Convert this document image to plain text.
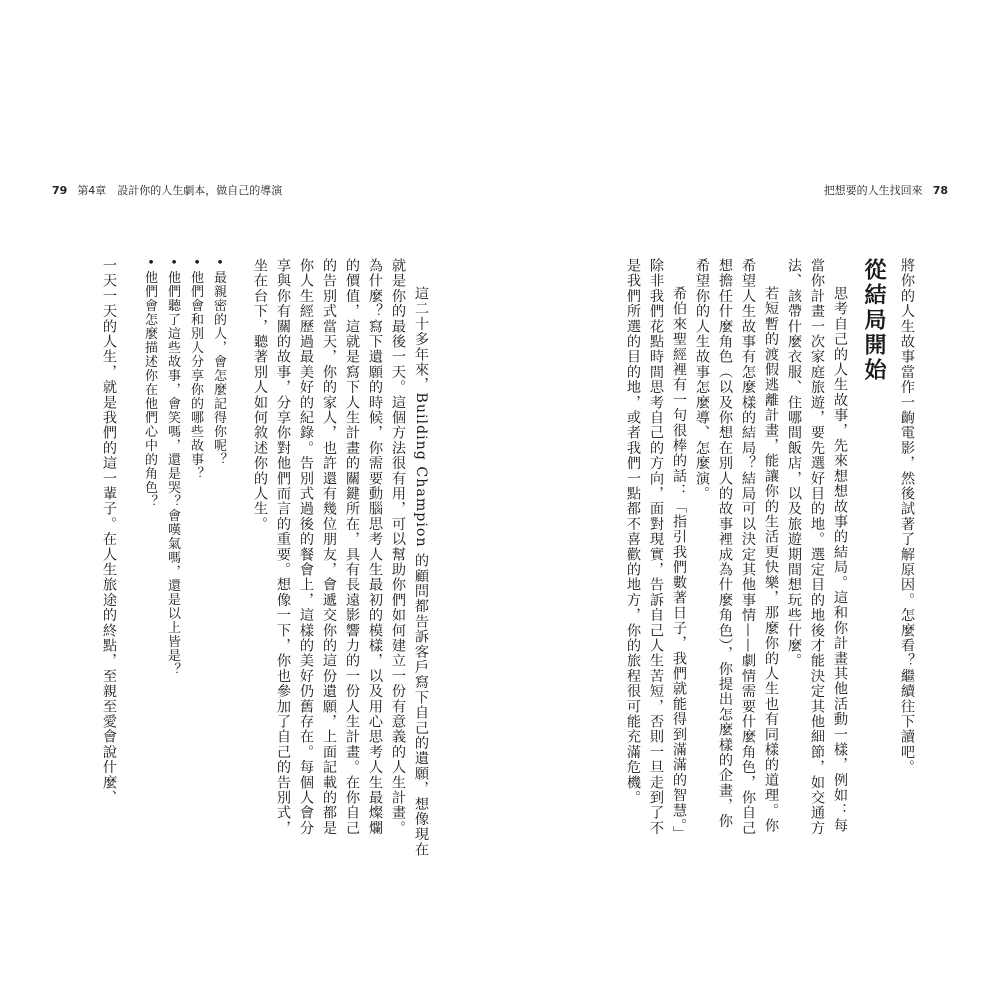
79 第4章　設計你的人生劇本，做自己的導演	把想要的人生找回來 78

將你的人生故事當作一齣電影，然後試著了解原因。怎麼看？繼續往下讀吧。

從結局開始

思考自己的人生故事，先來想想故事的結局。這和你計畫其他活動一樣，例如：每
當你計畫一次家庭旅遊，要先選好目的地。選定目的地後才能決定其他細節，如交通方
法、該帶什麼衣服、住哪間飯店，以及旅遊期間想玩些什麼。

若短暫的渡假逃離計畫，能讓你的生活更快樂，那麼你的人生也有同樣的道理。你
希望人生故事有怎麼樣的結局？結局可以決定其他事情——劇情需要什麼角色，你自己
想擔任什麼角色（以及你想在別人的故事裡成為什麼角色），你提出怎麼樣的企畫，你
希望你的人生故事怎麼導、怎麼演。

希伯來聖經裡有一句很棒的話：「指引我們數著日子，我們就能得到滿滿的智慧。」
除非我們花點時間思考自己的方向，面對現實，告訴自己人生苦短，否則一旦走到了不
是我們所選的目的地，或者我們一點都不喜歡的地方，你的旅程很可能充滿危機。

這二十多年來，Building Champion 的顧問都告訴客戶寫下自己的遺願，想像現在
就是你的最後一天。這個方法很有用，可以幫助你們如何建立一份有意義的人生計畫。
為什麼？寫下遺願的時候，你需要動腦思考人生最初的模樣，以及用心思考人生最燦爛
的價值，這就是寫下人生計畫的關鍵所在，具有長遠影響力的一份人生計畫。在你自己
的告別式當天，你的家人，也許還有幾位朋友，會遞交你的這份遺願，上面記載的都是
你人生經歷過最美好的紀錄。告別式過後的餐會上，這樣的美好仍舊存在。每個人會分
享與你有關的故事，分享你對他們而言的重要。想像一下，你也參加了自己的告別式，
坐在台下，聽著別人如何敘述你的人生。

• 最親密的人，會怎麼記得你呢？
• 他們會和別人分享你的哪些故事？
• 他們聽了這些故事，會笑嗎，還是哭？會嘆氣嗎，還是以上皆是？
• 他們會怎麼描述你在他們心中的角色？

一天一天的人生，就是我們的這一輩子。在人生旅途的終點，至親至愛會說什麼、
